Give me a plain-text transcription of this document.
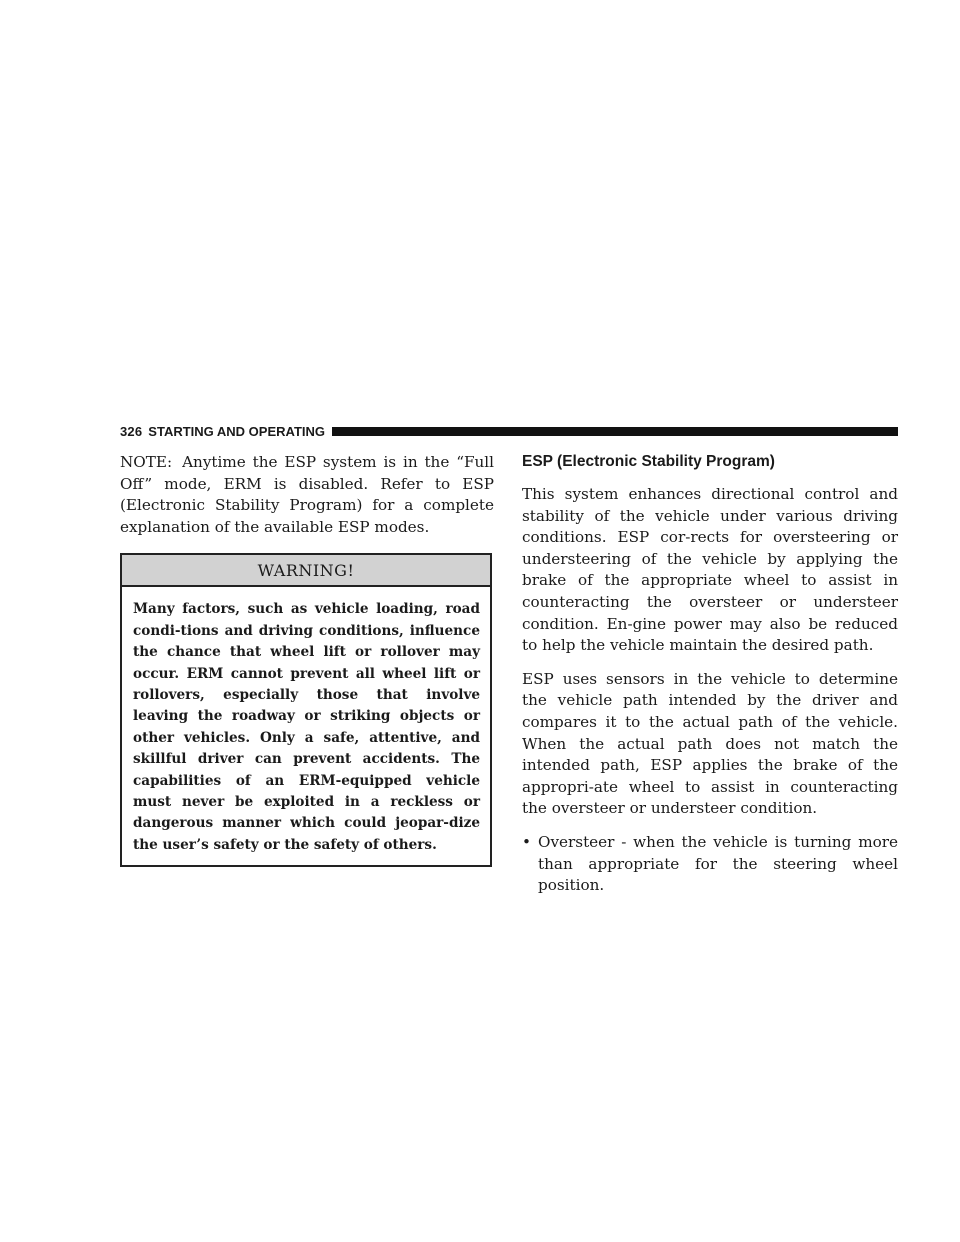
326 STARTING AND OPERATING

NOTE: Anytime the ESP system is in the “Full Off” mode, ERM is disabled. Refer to ESP (Electronic Stability Program) for a complete explanation of the available ESP modes.

WARNING!
Many factors, such as vehicle loading, road condi-tions and driving conditions, influence the chance that wheel lift or rollover may occur. ERM cannot prevent all wheel lift or rollovers, especially those that involve leaving the roadway or striking objects or other vehicles. Only a safe, attentive, and skillful driver can prevent accidents. The capabilities of an ERM-equipped vehicle must never be exploited in a reckless or dangerous manner which could jeopar-dize the user’s safety or the safety of others.
ESP (Electronic Stability Program)

This system enhances directional control and stability of the vehicle under various driving conditions. ESP cor-rects for oversteering or understeering of the vehicle by applying the brake of the appropriate wheel to assist in counteracting the oversteer or understeer condition. En-gine power may also be reduced to help the vehicle maintain the desired path.

ESP uses sensors in the vehicle to determine the vehicle path intended by the driver and compares it to the actual path of the vehicle. When the actual path does not match the intended path, ESP applies the brake of the appropri-ate wheel to assist in counteracting the oversteer or understeer condition.

• Oversteer - when the vehicle is turning more than appropriate for the steering wheel position.
